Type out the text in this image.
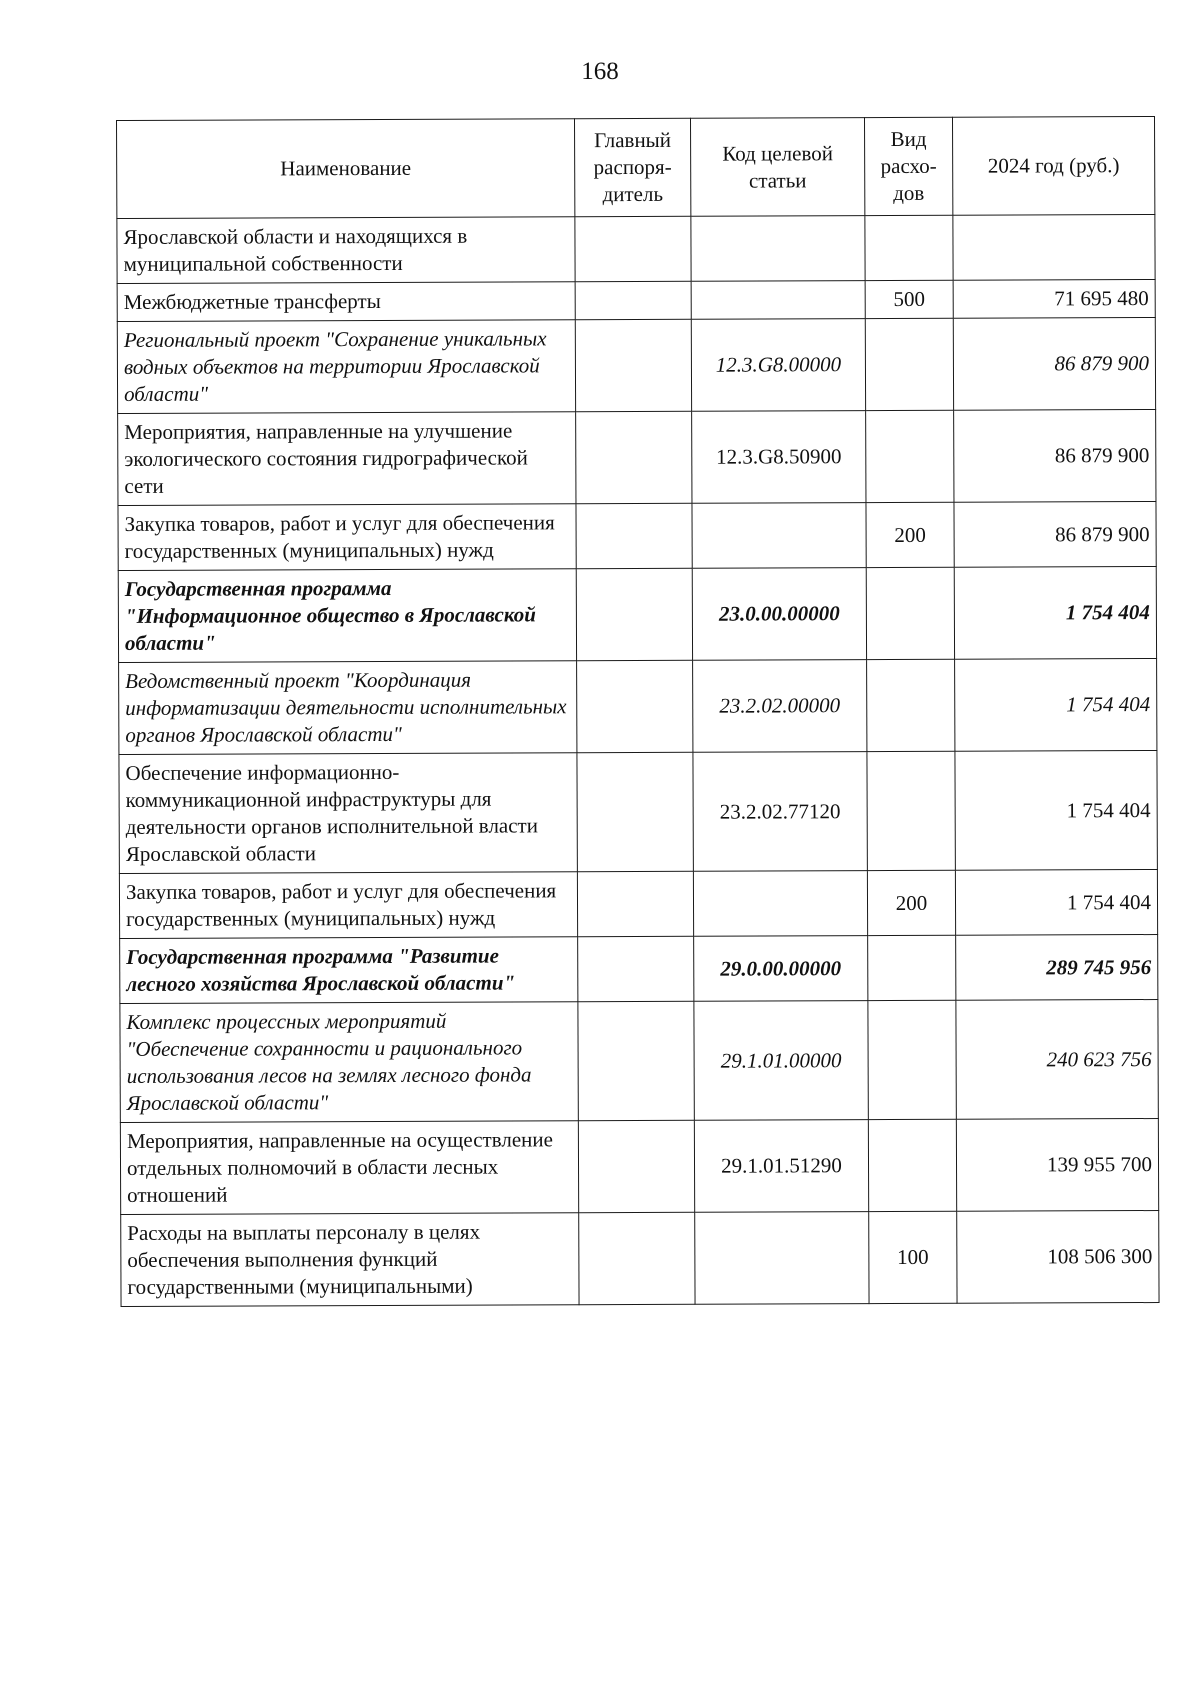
168
Наименование	Главный распоря-дитель	Код целевой статьи	Вид расхо-дов	2024 год (руб.)
Ярославской области и находящихся в муниципальной собственности				
Межбюджетные трансферты			500	71 695 480
Региональный проект "Сохранение уникальных водных объектов на территории Ярославской области"		12.3.G8.00000		86 879 900
Мероприятия, направленные на улучшение экологического состояния гидрографической сети		12.3.G8.50900		86 879 900
Закупка товаров, работ и услуг для обеспечения государственных (муниципальных) нужд			200	86 879 900
Государственная программа "Информационное общество в Ярославской области"		23.0.00.00000		1 754 404
Ведомственный проект "Координация информатизации деятельности исполнительных органов Ярославской области"		23.2.02.00000		1 754 404
Обеспечение информационно-коммуникационной инфраструктуры для деятельности органов исполнительной власти Ярославской области		23.2.02.77120		1 754 404
Закупка товаров, работ и услуг для обеспечения государственных (муниципальных) нужд			200	1 754 404
Государственная программа "Развитие лесного хозяйства Ярославской области"		29.0.00.00000		289 745 956
Комплекс процессных мероприятий "Обеспечение сохранности и рационального использования лесов на землях лесного фонда Ярославской области"		29.1.01.00000		240 623 756
Мероприятия, направленные на осуществление отдельных полномочий в области лесных отношений		29.1.01.51290		139 955 700
Расходы на выплаты персоналу в целях обеспечения выполнения функций государственными (муниципальными)			100	108 506 300
